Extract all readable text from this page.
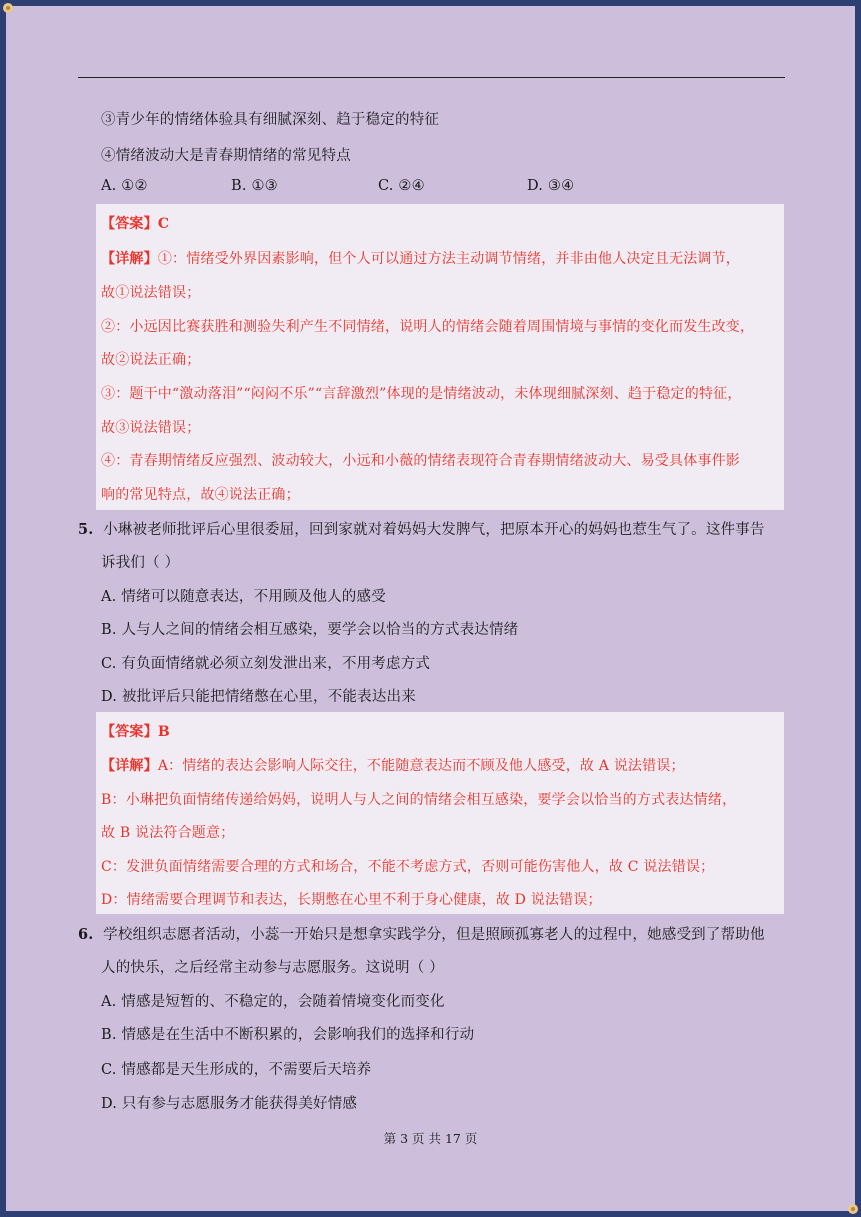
③青少年的情绪体验具有细腻深刻、趋于稳定的特征
④情绪波动大是青春期情绪的常见特点
A. ①②	B. ①③	C. ②④	D. ③④
【答案】C
【详解】①：情绪受外界因素影响，但个人可以通过方法主动调节情绪，并非由他人决定且无法调节，
故①说法错误；
②：小远因比赛获胜和测验失利产生不同情绪，说明人的情绪会随着周围情境与事情的变化而发生改变，
故②说法正确；
③：题干中“激动落泪”“闷闷不乐”“言辞激烈”体现的是情绪波动，未体现细腻深刻、趋于稳定的特征，
故③说法错误；
④：青春期情绪反应强烈、波动较大，小远和小薇的情绪表现符合青春期情绪波动大、易受具体事件影
响的常见特点，故④说法正确；
5. 小琳被老师批评后心里很委屈，回到家就对着妈妈大发脾气，把原本开心的妈妈也惹生气了。这件事告
诉我们（ ）
A. 情绪可以随意表达，不用顾及他人的感受
B. 人与人之间的情绪会相互感染，要学会以恰当的方式表达情绪
C. 有负面情绪就必须立刻发泄出来，不用考虑方式
D. 被批评后只能把情绪憋在心里，不能表达出来
【答案】B
【详解】A：情绪的表达会影响人际交往，不能随意表达而不顾及他人感受，故 A 说法错误；
B：小琳把负面情绪传递给妈妈，说明人与人之间的情绪会相互感染，要学会以恰当的方式表达情绪，
故 B 说法符合题意；
C：发泄负面情绪需要合理的方式和场合，不能不考虑方式，否则可能伤害他人，故 C 说法错误；
D：情绪需要合理调节和表达，长期憋在心里不利于身心健康，故 D 说法错误；
6. 学校组织志愿者活动，小蕊一开始只是想拿实践学分，但是照顾孤寡老人的过程中，她感受到了帮助他
人的快乐，之后经常主动参与志愿服务。这说明（ ）
A. 情感是短暂的、不稳定的，会随着情境变化而变化
B. 情感是在生活中不断积累的，会影响我们的选择和行动
C. 情感都是天生形成的，不需要后天培养
D. 只有参与志愿服务才能获得美好情感
第 3 页 共 17 页
